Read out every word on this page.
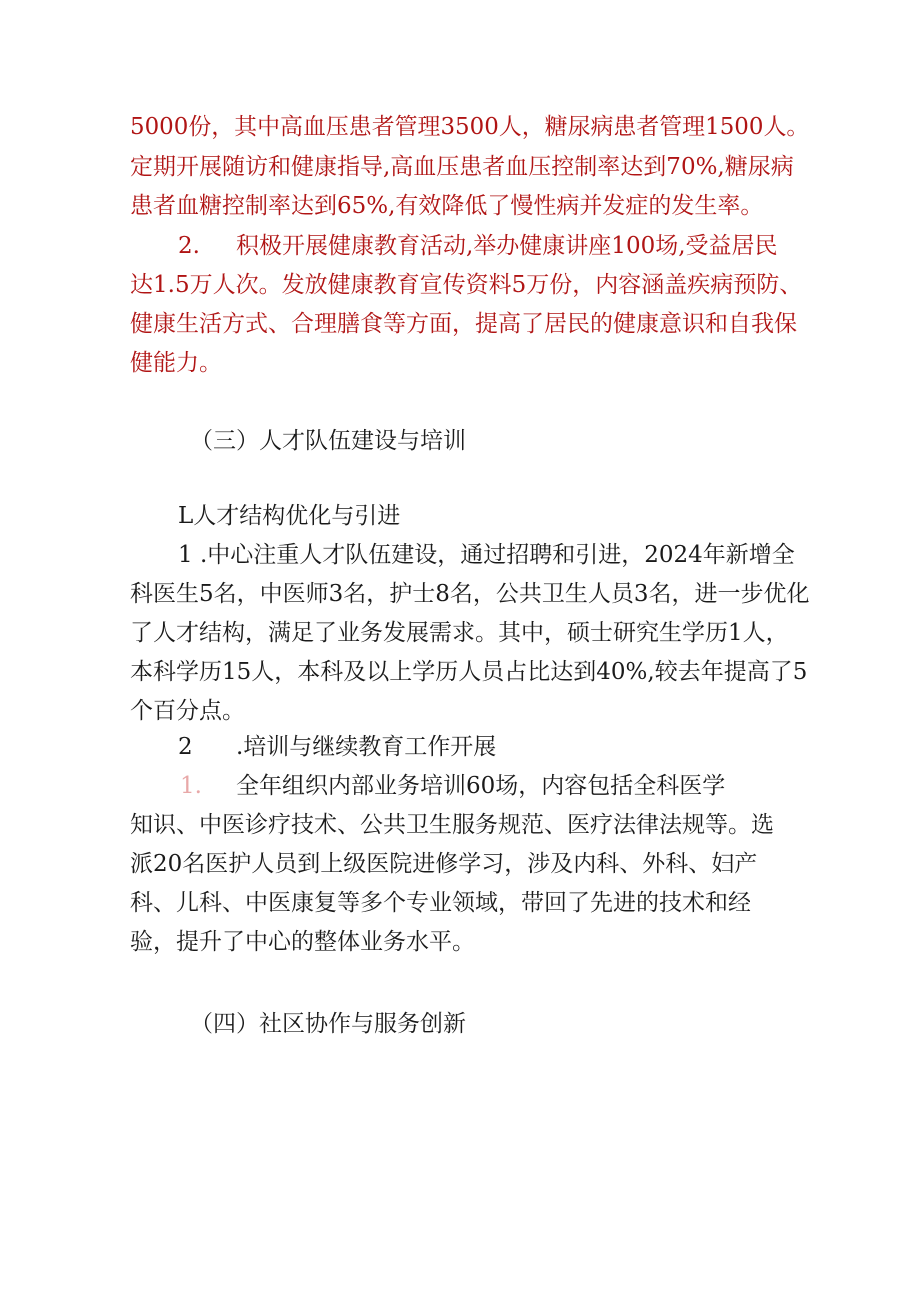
5000份，其中高血压患者管理3500人，糖尿病患者管理1500人。
定期开展随访和健康指导,高血压患者血压控制率达到70%,糖尿病
患者血糖控制率达到65%,有效降低了慢性病并发症的发生率。
2. 积极开展健康教育活动,举办健康讲座100场,受益居民
达1.5万人次。发放健康教育宣传资料5万份，内容涵盖疾病预防、
健康生活方式、合理膳食等方面，提高了居民的健康意识和自我保
健能力。
（三）人才队伍建设与培训
L人才结构优化与引进
1 .中心注重人才队伍建设，通过招聘和引进，2024年新增全
科医生5名，中医师3名，护士8名，公共卫生人员3名，进一步优化
了人才结构，满足了业务发展需求。其中，硕士研究生学历1人，
本科学历15人，本科及以上学历人员占比达到40%,较去年提高了5
个百分点。
2 .培训与继续教育工作开展
1. 全年组织内部业务培训60场，内容包括全科医学
知识、中医诊疗技术、公共卫生服务规范、医疗法律法规等。选
派20名医护人员到上级医院进修学习，涉及内科、外科、妇产
科、儿科、中医康复等多个专业领域，带回了先进的技术和经
验，提升了中心的整体业务水平。
（四）社区协作与服务创新
